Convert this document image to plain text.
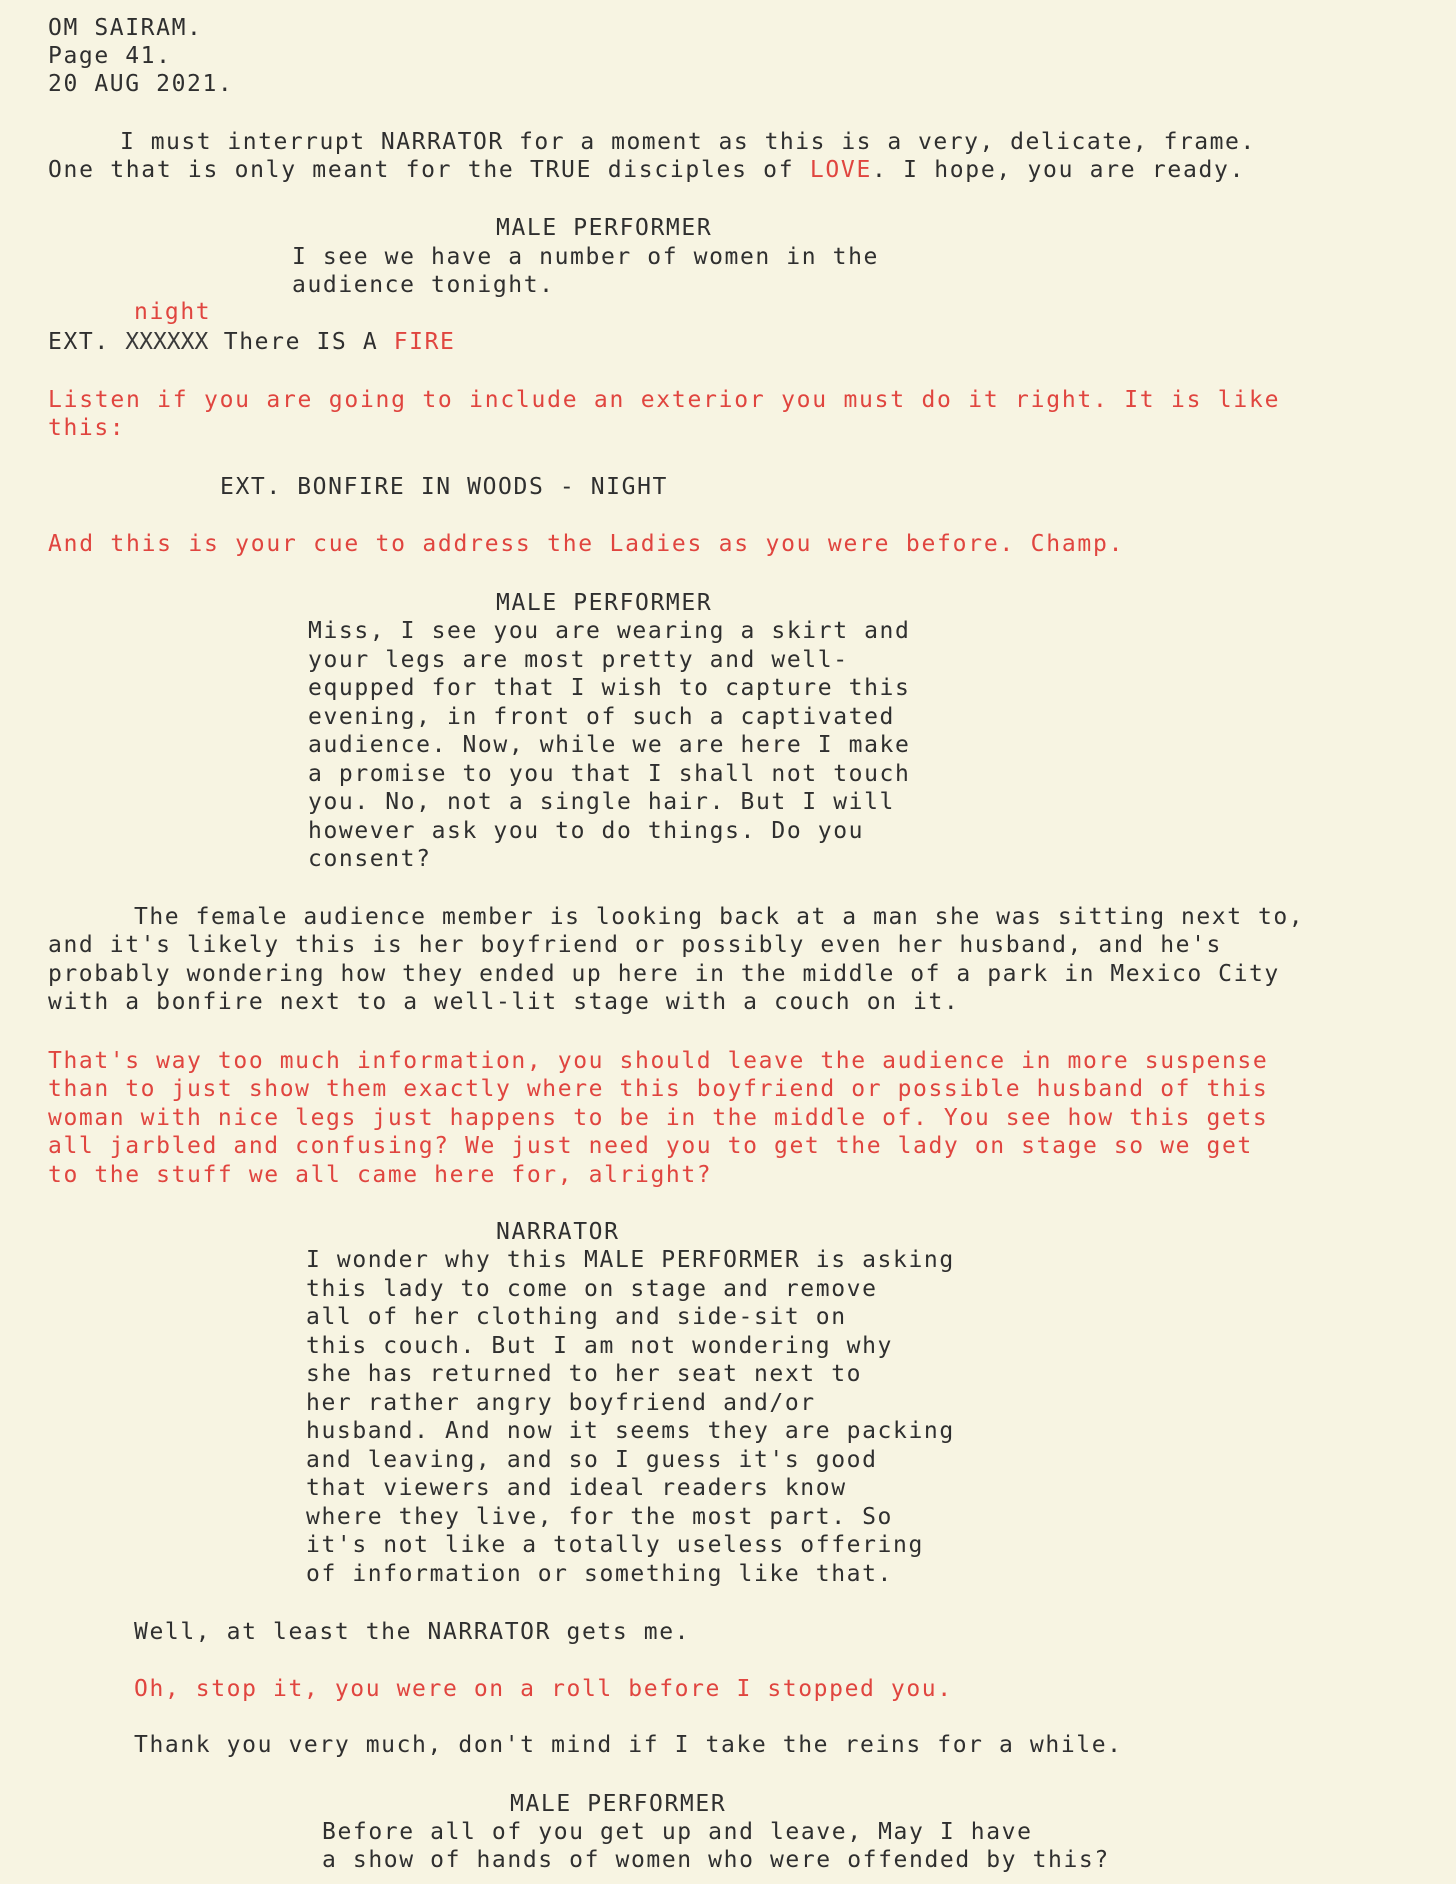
OM SAIRAM.
Page 41.
20 AUG 2021.
I must interrupt NARRATOR for a moment as this is a very, delicate, frame.
One that is only meant for the TRUE disciples of LOVE. I hope, you are ready.
MALE PERFORMER
I see we have a number of women in the
audience tonight.
night
EXT. XXXXXX There IS A FIRE
Listen if you are going to include an exterior you must do it right. It is like
this:
EXT. BONFIRE IN WOODS - NIGHT
And this is your cue to address the Ladies as you were before. Champ.
MALE PERFORMER
Miss, I see you are wearing a skirt and
your legs are most pretty and well-
equpped for that I wish to capture this
evening, in front of such a captivated
audience. Now, while we are here I make
a promise to you that I shall not touch
you. No, not a single hair. But I will
however ask you to do things. Do you
consent?
The female audience member is looking back at a man she was sitting next to,
and it's likely this is her boyfriend or possibly even her husband, and he's
probably wondering how they ended up here in the middle of a park in Mexico City
with a bonfire next to a well-lit stage with a couch on it.
That's way too much information, you should leave the audience in more suspense
than to just show them exactly where this boyfriend or possible husband of this
woman with nice legs just happens to be in the middle of. You see how this gets
all jarbled and confusing? We just need you to get the lady on stage so we get
to the stuff we all came here for, alright?
NARRATOR
I wonder why this MALE PERFORMER is asking
this lady to come on stage and remove
all of her clothing and side-sit on
this couch. But I am not wondering why
she has returned to her seat next to
her rather angry boyfriend and/or
husband. And now it seems they are packing
and leaving, and so I guess it's good
that viewers and ideal readers know
where they live, for the most part. So
it's not like a totally useless offering
of information or something like that.
Well, at least the NARRATOR gets me.
Oh, stop it, you were on a roll before I stopped you.
Thank you very much, don't mind if I take the reins for a while.
MALE PERFORMER
Before all of you get up and leave, May I have
a show of hands of women who were offended by this?
